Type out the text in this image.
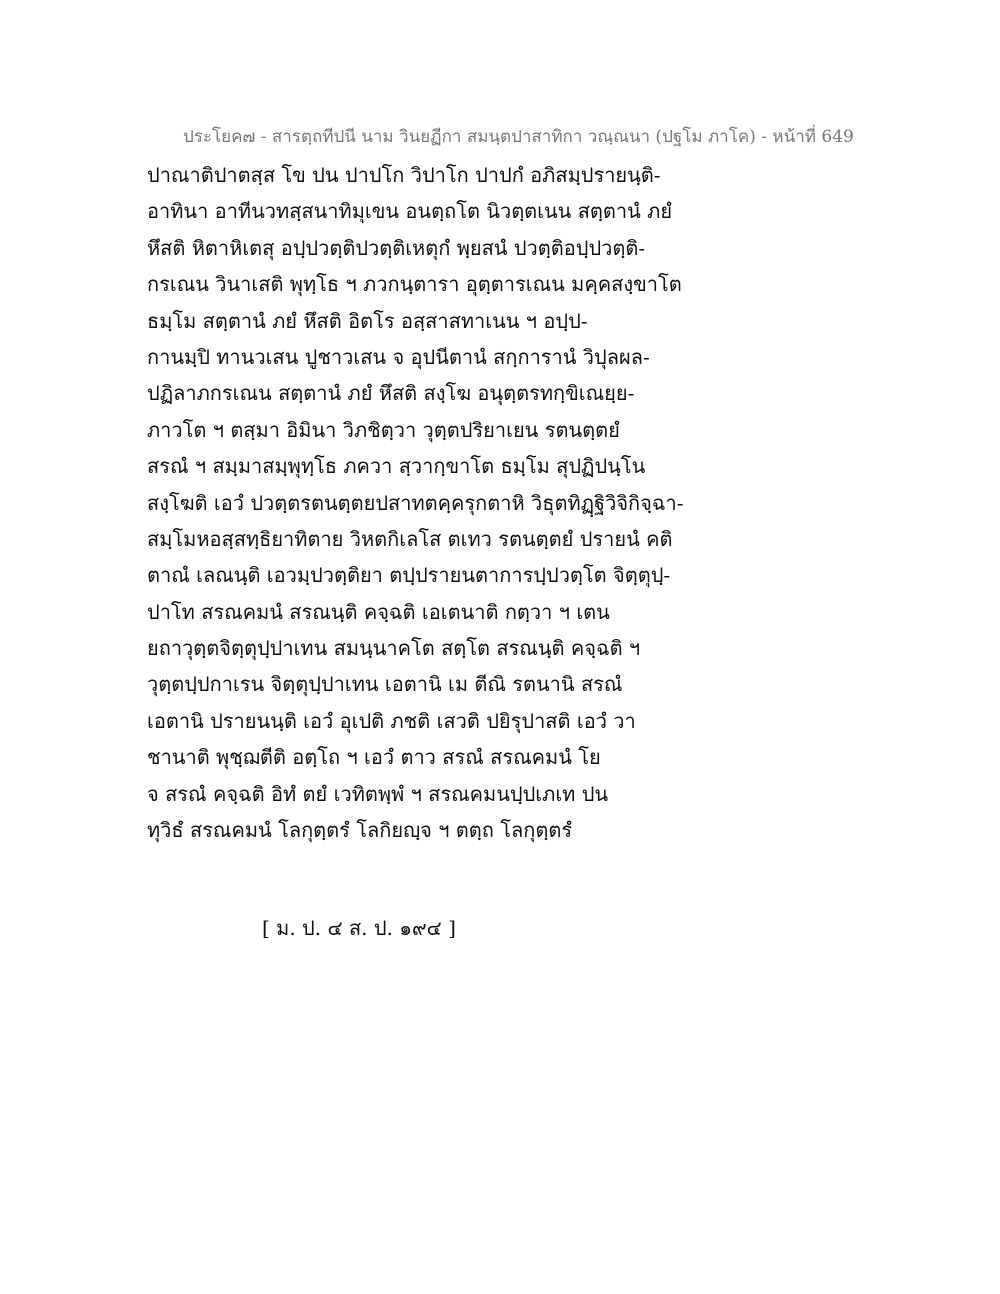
ประโยค๗ - สารตฺถทีปนี นาม วินยฏีกา สมนฺตปาสาทิกา วณฺณนา (ปฐโม ภาโค) - หน้าที่ 649
ปาณาติปาตสฺส โข ปน ปาปโก วิปาโก ปาปกํ อภิสมฺปรายนฺติ-
อาทินา อาทีนวทสฺสนาทิมุเขน อนตฺถโต นิวตฺตเนน สตฺตานํ ภยํ
หึสติ หิตาหิเตสุ อปฺปวตฺติปวตฺติเหตุกํ พฺยสนํ ปวตฺติอปฺปวตฺติ-
กรเณน วินาเสติ พุทฺโธ ฯ ภวกนฺตารา อุตฺตารเณน มคฺคสงฺขาโต
ธมฺโม สตฺตานํ ภยํ หึสติ อิตโร อสฺสาสทาเนน ฯ อปฺป-
กานมฺปิ ทานวเสน ปูชาวเสน จ อุปนีตานํ สกฺการานํ วิปุลผล-
ปฏิลาภกรเณน สตฺตานํ ภยํ หึสติ สงฺโฆ อนุตฺตรทกฺขิเณยฺย-
ภาวโต ฯ ตสฺมา อิมินา วิภชิตฺวา วุตฺตปริยาเยน รตนตฺตยํ
สรณํ ฯ สมฺมาสมฺพุทฺโธ ภควา สฺวากฺขาโต ธมฺโม สุปฏิปนฺโน
สงฺโฆติ เอวํ ปวตฺตรตนตฺตยปสาทตคฺครุกตาหิ วิธุตทิฏฺฐิวิจิกิจฺฉา-
สมฺโมหอสฺสทฺธิยาทิตาย วิหตกิเลโส ตเทว รตนตฺตยํ ปรายนํ คติ
ตาณํ เลณนฺติ เอวมฺปวตฺติยา ตปฺปรายนตาการปฺปวตฺโต จิตฺตุปฺ-
ปาโท สรณคมนํ สรณนฺติ คจฺฉติ เอเตนาติ กตฺวา ฯ เตน
ยถาวุตฺตจิตฺตุปฺปาเทน สมนฺนาคโต สตฺโต สรณนฺติ คจฺฉติ ฯ
วุตฺตปฺปกาเรน จิตฺตุปฺปาเทน เอตานิ เม ตีณิ รตนานิ สรณํ
เอตานิ ปรายนนฺติ เอวํ อุเปติ ภชติ เสวติ ปยิรุปาสติ เอวํ วา
ชานาติ พุชฺฌตีติ อตฺโถ ฯ เอวํ ตาว สรณํ สรณคมนํ โย
จ สรณํ คจฺฉติ อิทํ ตยํ เวทิตพฺพํ ฯ สรณคมนปฺปเภเท ปน
ทุวิธํ สรณคมนํ โลกุตฺตรํ โลกิยญฺจ ฯ ตตฺถ โลกุตฺตรํ
[ ม. ป. ๔ ส. ป. ๑๙๔ ]
